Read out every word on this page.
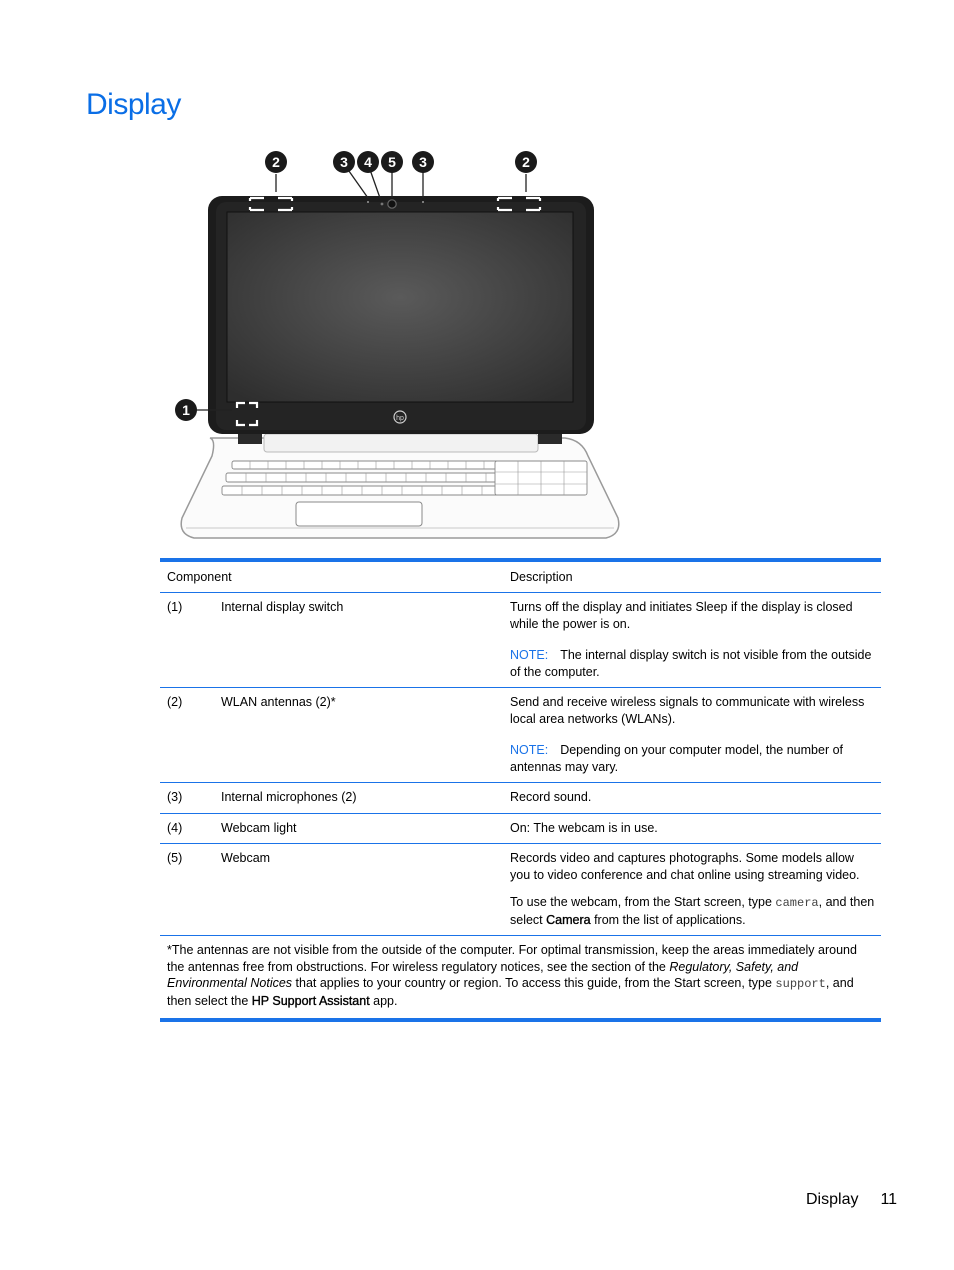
Display
hp
2	2
3 4 5 3
1
Component	Description
(1)	Internal display switch	Turns off the display and initiates Sleep if the display is closed while the power is on.

NOTE: The internal display switch is not visible from the outside of the computer.

(2)	WLAN antennas (2)*	Send and receive wireless signals to communicate with wireless local area networks (WLANs).

NOTE: Depending on your computer model, the number of antennas may vary.

(3)	Internal microphones (2)	Record sound.
(4)	Webcam light	On: The webcam is in use.
(5)	Webcam	Records video and captures photographs. Some models allow you to video conference and chat online using streaming video.

To use the webcam, from the Start screen, type camera, and then select Camera from the list of applications.

*The antennas are not visible from the outside of the computer. For optimal transmission, keep the areas immediately around the antennas free from obstructions. For wireless regulatory notices, see the section of the Regulatory, Safety, and Environmental Notices that applies to your country or region. To access this guide, from the Start screen, type support, and then select the HP Support Assistant app.
Display 11
